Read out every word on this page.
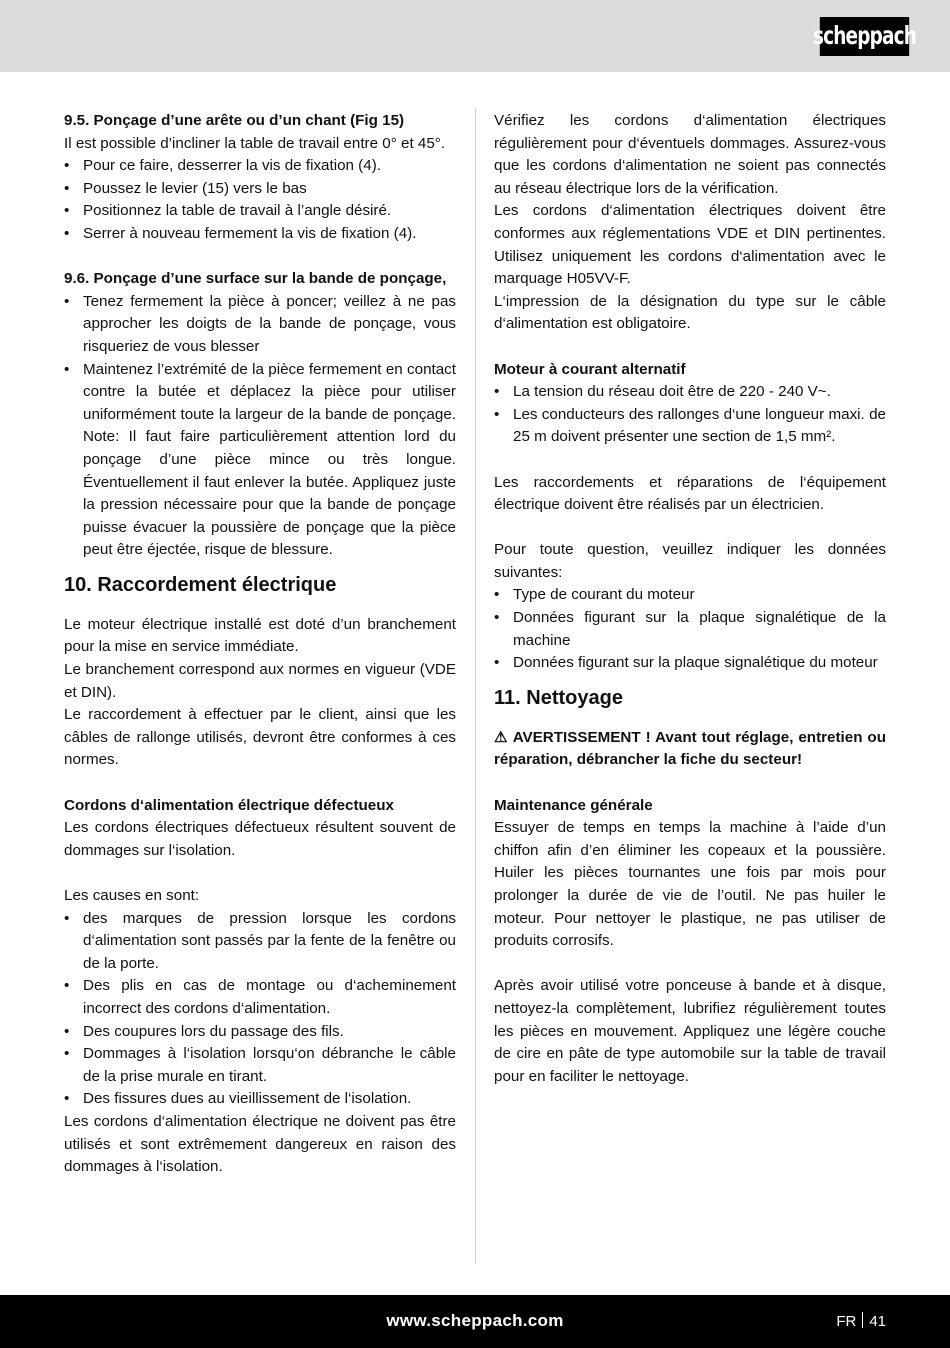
scheppach

9.5. Ponçage d’une arête ou d’un chant (Fig 15)

Il est possible d’incliner la table de travail entre 0° et 45°.

• Pour ce faire, desserrer la vis de fixation (4).
• Poussez le levier (15) vers le bas
• Positionnez la table de travail à l’angle désiré.
• Serrer à nouveau fermement la vis de fixation (4).

9.6. Ponçage d’une surface sur la bande de ponçage,

• Tenez fermement la pièce à poncer; veillez à ne pas approcher les doigts de la bande de ponçage, vous risqueriez de vous blesser
• Maintenez l’extrémité de la pièce fermement en contact contre la butée et déplacez la pièce pour utiliser uniformément toute la largeur de la bande de ponçage. Note: Il faut faire particulièrement attention lord du ponçage d’une pièce mince ou très longue. Éventuellement il faut enlever la butée. Appliquez juste la pression nécessaire pour que la bande de ponçage puisse évacuer la poussière de ponçage que la pièce peut être éjectée, risque de blessure.

10. Raccordement électrique

Le moteur électrique installé est doté d’un branchement pour la mise en service immédiate.

Le branchement correspond aux normes en vigueur (VDE et DIN).

Le raccordement à effectuer par le client, ainsi que les câbles de rallonge utilisés, devront être conformes à ces normes.

Cordons d‘alimentation électrique défectueux

Les cordons électriques défectueux résultent souvent de dommages sur l‘isolation.

Les causes en sont:

• des marques de pression lorsque les cordons d‘alimentation sont passés par la fente de la fenêtre ou de la porte.
• Des plis en cas de montage ou d‘acheminement incorrect des cordons d‘alimentation.
• Des coupures lors du passage des fils.
• Dommages à l‘isolation lorsqu‘on débranche le câble de la prise murale en tirant.
• Des fissures dues au vieillissement de l‘isolation.

Les cordons d‘alimentation électrique ne doivent pas être utilisés et sont extrêmement dangereux en raison des dommages à l‘isolation.

Vérifiez les cordons d‘alimentation électriques régulièrement pour d‘éventuels dommages. Assurez-vous que les cordons d‘alimentation ne soient pas connectés au réseau électrique lors de la vérification.

Les cordons d‘alimentation électriques doivent être conformes aux réglementations VDE et DIN pertinentes. Utilisez uniquement les cordons d‘alimentation avec le marquage H05VV-F.

L‘impression de la désignation du type sur le câble d‘alimentation est obligatoire.

Moteur à courant alternatif

• La tension du réseau doit être de 220 - 240 V~.
• Les conducteurs des rallonges d‘une longueur maxi. de 25 m doivent présenter une section de 1,5 mm².

Les raccordements et réparations de l‘équipement électrique doivent être réalisés par un électricien.

Pour toute question, veuillez indiquer les données suivantes:

• Type de courant du moteur
• Données figurant sur la plaque signalétique de la machine
• Données figurant sur la plaque signalétique du moteur

11. Nettoyage

⚠ AVERTISSEMENT ! Avant tout réglage, entretien ou réparation, débrancher la fiche du secteur!

Maintenance générale

Essuyer de temps en temps la machine à l’aide d’un chiffon afin d’en éliminer les copeaux et la poussière. Huiler les pièces tournantes une fois par mois pour prolonger la durée de vie de l’outil. Ne pas huiler le moteur. Pour nettoyer le plastique, ne pas utiliser de produits corrosifs.

Après avoir utilisé votre ponceuse à bande et à disque, nettoyez-la complètement, lubrifiez régulièrement toutes les pièces en mouvement. Appliquez une légère couche de cire en pâte de type automobile sur la table de travail pour en faciliter le nettoyage.

www.scheppach.com	FR 41
